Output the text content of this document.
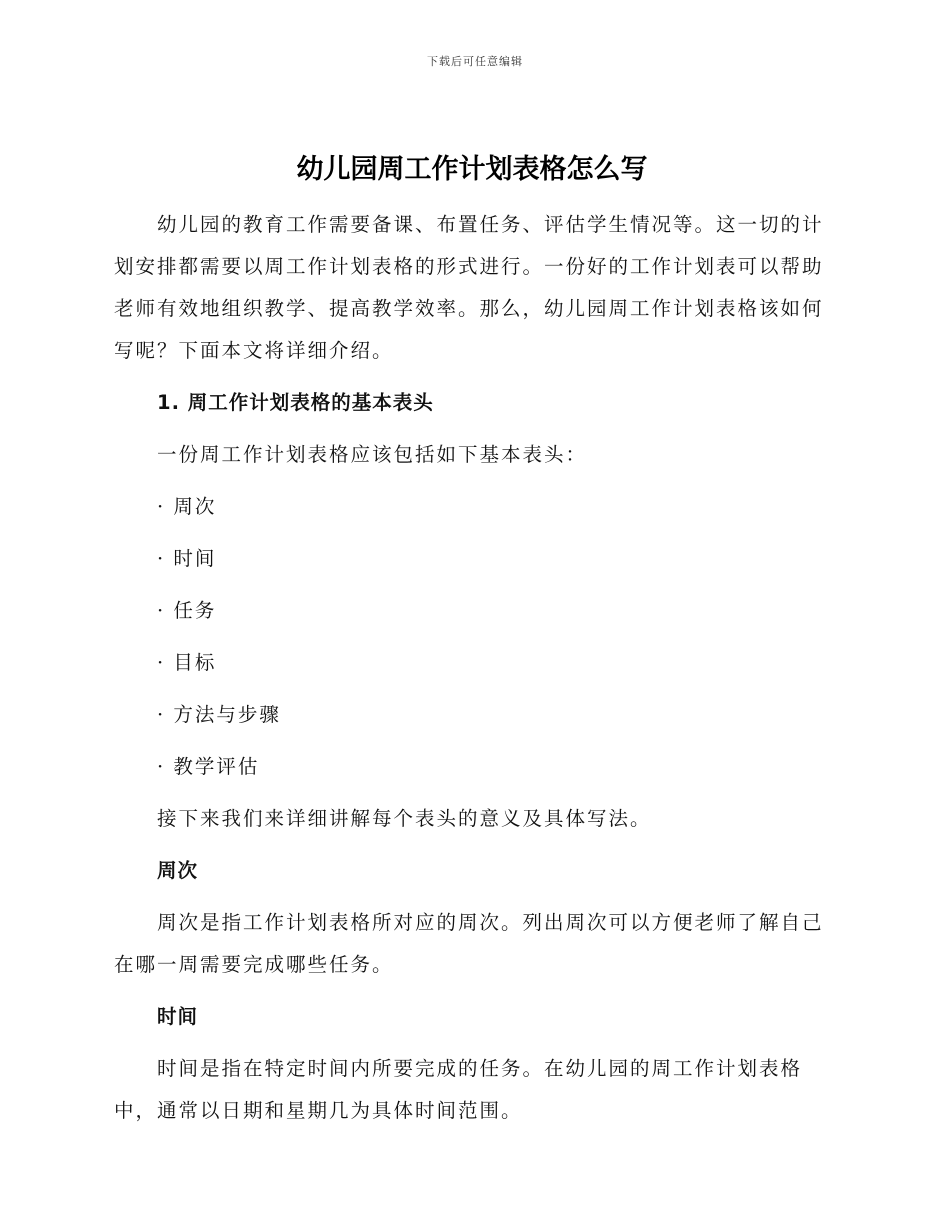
下载后可任意编辑
幼儿园周工作计划表格怎么写

幼儿园的教育工作需要备课、布置任务、评估学生情况等。这一切的计划安排都需要以周工作计划表格的形式进行。一份好的工作计划表可以帮助老师有效地组织教学、提高教学效率。那么，幼儿园周工作计划表格该如何写呢？下面本文将详细介绍。

1. 周工作计划表格的基本表头

一份周工作计划表格应该包括如下基本表头：

· 周次

· 时间

· 任务

· 目标

· 方法与步骤

· 教学评估

接下来我们来详细讲解每个表头的意义及具体写法。

周次

周次是指工作计划表格所对应的周次。列出周次可以方便老师了解自己在哪一周需要完成哪些任务。

时间

时间是指在特定时间内所要完成的任务。在幼儿园的周工作计划表格中，通常以日期和星期几为具体时间范围。
